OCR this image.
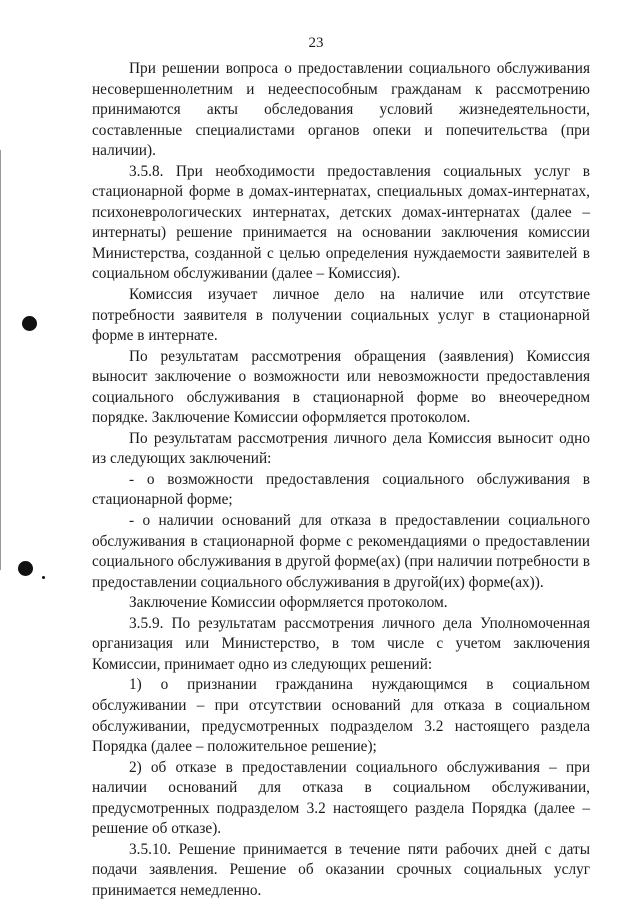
23

При решении вопроса о предоставлении социального обслуживания несовершеннолетним и недееспособным гражданам к рассмотрению принимаются акты обследования условий жизнедеятельности, составленные специалистами органов опеки и попечительства (при наличии).

3.5.8. При необходимости предоставления социальных услуг в стационарной форме в домах-интернатах, специальных домах-интернатах, психоневрологических интернатах, детских домах-интернатах (далее – интернаты) решение принимается на основании заключения комиссии Министерства, созданной с целью определения нуждаемости заявителей в социальном обслуживании (далее – Комиссия).

Комиссия изучает личное дело на наличие или отсутствие потребности заявителя в получении социальных услуг в стационарной форме в интернате.

По результатам рассмотрения обращения (заявления) Комиссия выносит заключение о возможности или невозможности предоставления социального обслуживания в стационарной форме во внеочередном порядке. Заключение Комиссии оформляется протоколом.

По результатам рассмотрения личного дела Комиссия выносит одно из следующих заключений:

- о возможности предоставления социального обслуживания в стационарной форме;

- о наличии оснований для отказа в предоставлении социального обслуживания в стационарной форме с рекомендациями о предоставлении социального обслуживания в другой форме(ах) (при наличии потребности в предоставлении социального обслуживания в другой(их) форме(ах)).

Заключение Комиссии оформляется протоколом.

3.5.9. По результатам рассмотрения личного дела Уполномоченная организация или Министерство, в том числе с учетом заключения Комиссии, принимает одно из следующих решений:

1) о признании гражданина нуждающимся в социальном обслуживании – при отсутствии оснований для отказа в социальном обслуживании, предусмотренных подразделом 3.2 настоящего раздела Порядка (далее – положительное решение);

2) об отказе в предоставлении социального обслуживания – при наличии оснований для отказа в социальном обслуживании, предусмотренных подразделом 3.2 настоящего раздела Порядка (далее – решение об отказе).

3.5.10. Решение принимается в течение пяти рабочих дней с даты подачи заявления. Решение об оказании срочных социальных услуг принимается немедленно.
